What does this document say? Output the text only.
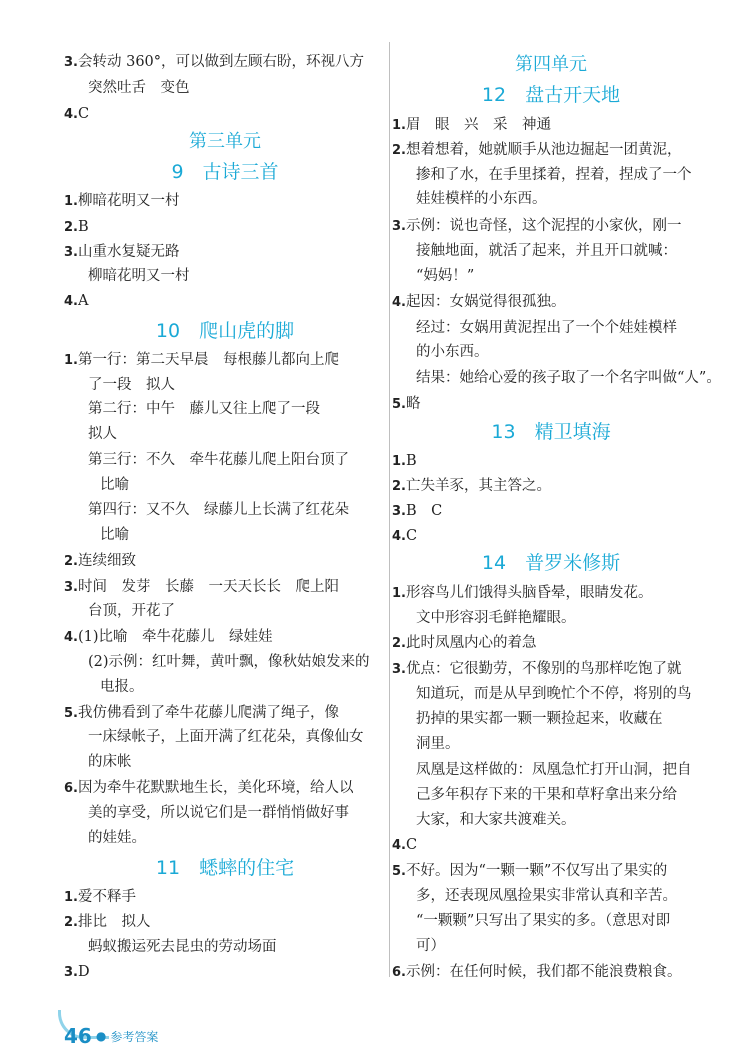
3.会转动 360°，可以做到左顾右盼，环视八方
突然吐舌　变色
4.C
第三单元
9　古诗三首
1.柳暗花明又一村
2.B
3.山重水复疑无路
柳暗花明又一村
4.A
10　爬山虎的脚
1.第一行：第二天早晨　每根藤儿都向上爬
了一段　拟人
第二行：中午　藤儿又往上爬了一段
拟人
第三行：不久　牵牛花藤儿爬上阳台顶了
比喻
第四行：又不久　绿藤儿上长满了红花朵
比喻
2.连续细致
3.时间　发芽　长藤　一天天长长　爬上阳
台顶，开花了
4.(1)比喻　牵牛花藤儿　绿娃娃
(2)示例：红叶舞，黄叶飘，像秋姑娘发来的
电报。
5.我仿佛看到了牵牛花藤儿爬满了绳子，像
一床绿帐子，上面开满了红花朵，真像仙女
的床帐
6.因为牵牛花默默地生长，美化环境，给人以
美的享受，所以说它们是一群悄悄做好事
的娃娃。
11　蟋蟀的住宅
1.爱不释手
2.排比　拟人
蚂蚁搬运死去昆虫的劳动场面
3.D
第四单元
12　盘古开天地
1.眉　眼　兴　采　神通
2.想着想着，她就顺手从池边掘起一团黄泥，
掺和了水，在手里揉着，捏着，捏成了一个
娃娃模样的小东西。
3.示例：说也奇怪，这个泥捏的小家伙，刚一
接触地面，就活了起来，并且开口就喊：
“妈妈！”
4.起因：女娲觉得很孤独。
经过：女娲用黄泥捏出了一个个娃娃模样
的小东西。
结果：她给心爱的孩子取了一个名字叫做“人”。
5.略
13　精卫填海
1.B
2.亡失羊豕，其主答之。
3.B　C
4.C
14　普罗米修斯
1.形容鸟儿们饿得头脑昏晕，眼睛发花。
文中形容羽毛鲜艳耀眼。
2.此时凤凰内心的着急
3.优点：它很勤劳，不像别的鸟那样吃饱了就
知道玩，而是从早到晚忙个不停，将别的鸟
扔掉的果实都一颗一颗捡起来，收藏在
洞里。
凤凰是这样做的：凤凰急忙打开山洞，把自
己多年积存下来的干果和草籽拿出来分给
大家，和大家共渡难关。
4.C
5.不好。因为“一颗一颗”不仅写出了果实的
多，还表现凤凰捡果实非常认真和辛苦。
“一颗颗”只写出了果实的多。（意思对即
可）
6.示例：在任何时候，我们都不能浪费粮食。
46 ● 参考答案
